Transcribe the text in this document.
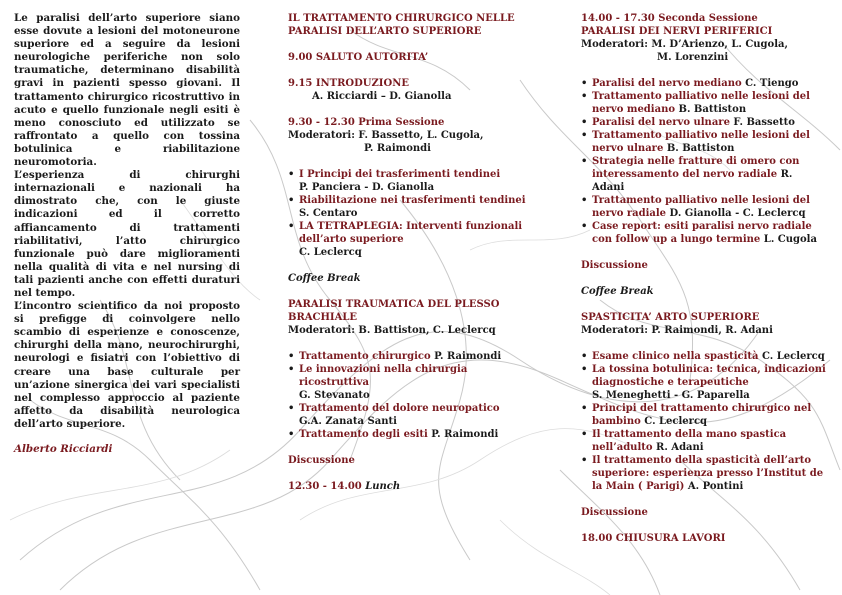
Le paralisi dell’arto superiore siano esse dovute a lesioni del motoneurone superiore ed a seguire da lesioni neurologiche periferiche non solo traumatiche, determinano disabilità gravi in pazienti spesso giovani. Il trattamento chirurgico ricostruttivo in acuto e quello funzionale negli esiti è meno conosciuto ed utilizzato se raffrontato a quello con tossina botulinica e riabilitazione neuromotoria.

L’esperienza di chirurghi internazionali e nazionali ha dimostrato che, con le giuste indicazioni ed il corretto affiancamento di trattamenti riabilitativi, l’atto chirurgico funzionale può dare miglioramenti nella qualità di vita e nel nursing di tali pazienti anche con effetti duraturi nel tempo.

L’incontro scientifico da noi proposto si prefigge di coinvolgere nello scambio di esperienze e conoscenze, chirurghi della mano, neurochirurghi, neurologi e fisiatri con l’obiettivo di creare una base culturale per un’azione sinergica dei vari specialisti nel complesso approccio al paziente affetto da disabilità neurologica dell’arto superiore.

Alberto Ricciardi
IL TRATTAMENTO CHIRURGICO NELLE
PARALISI DELL’ARTO SUPERIORE
9.00 SALUTO AUTORITA’
9.15 INTRODUZIONE
A. Ricciardi – D. Gianolla
9.30 - 12.30 Prima Sessione
Moderatori: F. Bassetto, L. Cugola,
P. Raimondi
• I Principi dei trasferimenti tendinei
P. Panciera - D. Gianolla
• Riabilitazione nei trasferimenti tendinei
S. Centaro
• LA TETRAPLEGIA: Interventi funzionali dell’arto superiore
C. Leclercq
Coffee Break
PARALISI TRAUMATICA DEL PLESSO
BRACHIALE
Moderatori: B. Battiston, C. Leclercq
• Trattamento chirurgico P. Raimondi
• Le innovazioni nella chirurgia ricostruttiva
G. Stevanato
• Trattamento del dolore neuropatico
G.A. Zanata Santi
• Trattamento degli esiti P. Raimondi
Discussione
12.30 - 14.00 Lunch
14.00 - 17.30 Seconda Sessione
PARALISI DEI NERVI PERIFERICI
Moderatori: M. D’Arienzo, L. Cugola,
M. Lorenzini
• Paralisi del nervo mediano C. Tiengo
• Trattamento palliativo nelle lesioni del nervo mediano B. Battiston
• Paralisi del nervo ulnare F. Bassetto
• Trattamento palliativo nelle lesioni del nervo ulnare B. Battiston
• Strategia nelle fratture di omero con interessamento del nervo radiale R. Adani
• Trattamento palliativo nelle lesioni del nervo radiale D. Gianolla - C. Leclercq
• Case report: esiti paralisi nervo radiale con follow up a lungo termine L. Cugola
Discussione
Coffee Break
SPASTICITA’ ARTO SUPERIORE
Moderatori: P. Raimondi, R. Adani
• Esame clinico nella spasticità C. Leclercq
• La tossina botulinica: tecnica, indicazioni diagnostiche e terapeutiche
S. Meneghetti - G. Paparella
• Principi del trattamento chirurgico nel bambino C. Leclercq
• Il trattamento della mano spastica nell’adulto R. Adani
• Il trattamento della spasticità dell’arto superiore: esperienza presso l’Institut de la Main ( Parigi) A. Pontini
Discussione
18.00 CHIUSURA LAVORI
